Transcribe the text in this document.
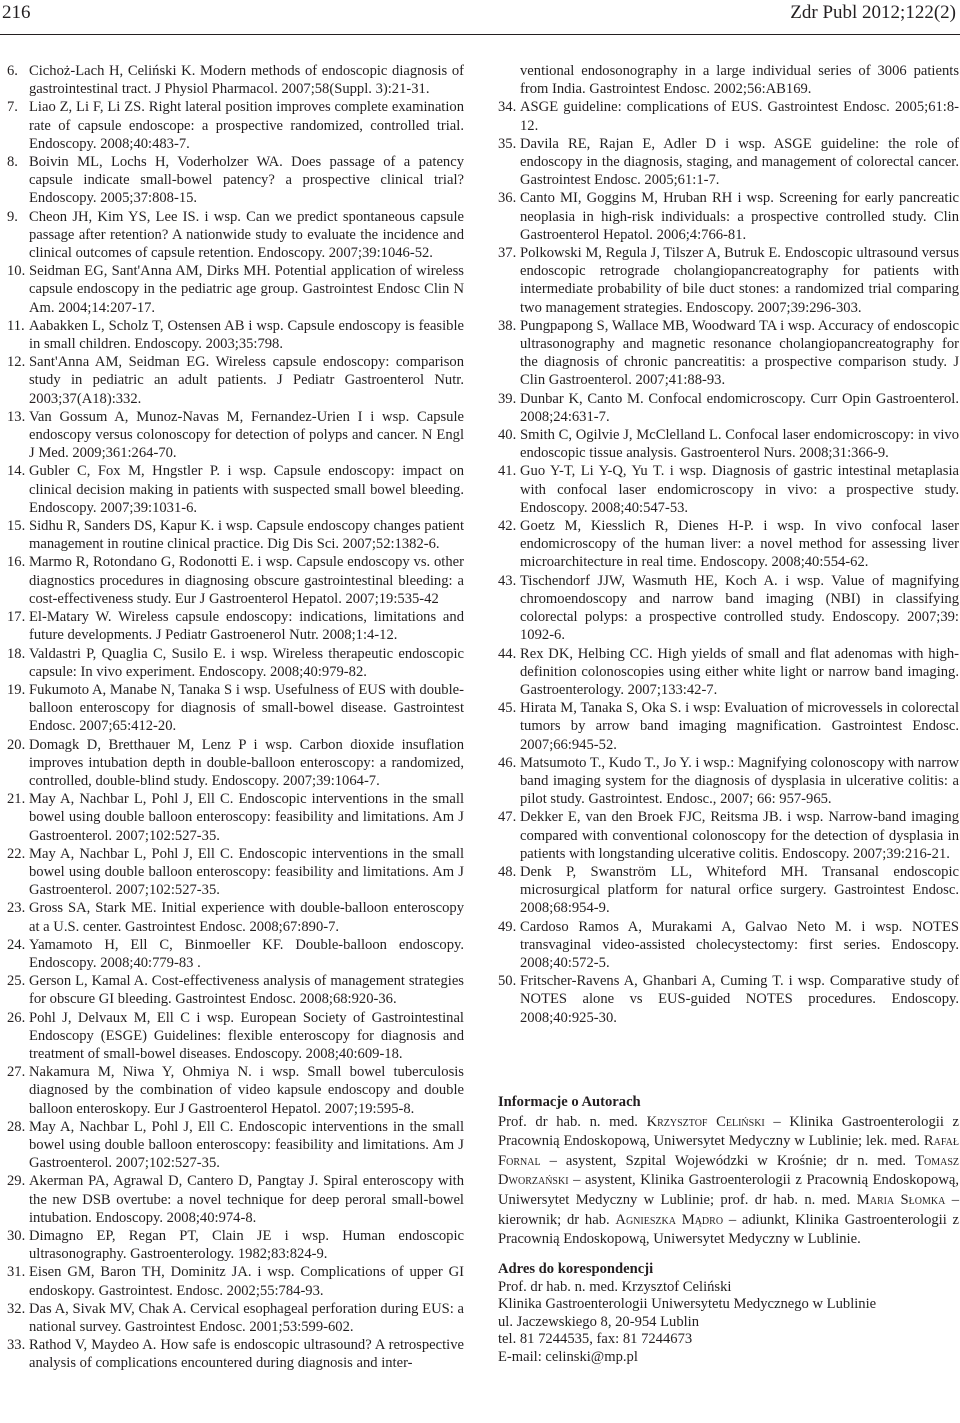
216	Zdr Publ 2012;122(2)
6. Cichoż-Lach H, Celiński K. Modern methods of endoscopic diagnosis of gastrointestinal tract. J Physiol Pharmacol. 2007;58(Suppl. 3):21-31.
7. Liao Z, Li F, Li ZS. Right lateral position improves complete examination rate of capsule endoscope: a prospective randomized, controlled trial. Endoscopy. 2008;40:483-7.
8. Boivin ML, Lochs H, Voderholzer WA. Does passage of a patency capsule indicate small-bowel patency? a prospective clinical trial? Endoscopy. 2005;37:808-15.
9. Cheon JH, Kim YS, Lee IS. i wsp. Can we predict spontaneous capsule passage after retention? A nationwide study to evaluate the incidence and clinical outcomes of capsule retention. Endoscopy. 2007;39:1046-52.
10. Seidman EG, Sant'Anna AM, Dirks MH. Potential application of wireless capsule endoscopy in the pediatric age group. Gastrointest Endosc Clin N Am. 2004;14:207-17.
11. Aabakken L, Scholz T, Ostensen AB i wsp. Capsule endoscopy is feasible in small children. Endoscopy. 2003;35:798.
12. Sant'Anna AM, Seidman EG. Wireless capsule endoscopy: comparison study in pediatric an adult patients. J Pediatr Gastroenterol Nutr. 2003;37(A18):332.
13. Van Gossum A, Munoz-Navas M, Fernandez-Urien I i wsp. Capsule endoscopy versus colonoscopy for detection of polyps and cancer. N Engl J Med. 2009;361:264-70.
14. Gubler C, Fox M, Hngstler P. i wsp. Capsule endoscopy: impact on clinical decision making in patients with suspected small bowel bleeding. Endoscopy. 2007;39:1031-6.
15. Sidhu R, Sanders DS, Kapur K. i wsp. Capsule endoscopy changes patient management in routine clinical practice. Dig Dis Sci. 2007;52:1382-6.
16. Marmo R, Rotondano G, Rodonotti E. i wsp. Capsule endoscopy vs. other diagnostics procedures in diagnosing obscure gastrointestinal bleeding: a cost-effectiveness study. Eur J Gastroenterol Hepatol. 2007;19:535-42
17. El-Matary W. Wireless capsule endoscopy: indications, limitations and future developments. J Pediatr Gastroenerol Nutr. 2008;1:4-12.
18. Valdastri P, Quaglia C, Susilo E. i wsp. Wireless therapeutic endoscopic capsule: In vivo experiment. Endoscopy. 2008;40:979-82.
19. Fukumoto A, Manabe N, Tanaka S i wsp. Usefulness of EUS with double-balloon enteroscopy for diagnosis of small-bowel disease. Gastrointest Endosc. 2007;65:412-20.
20. Domagk D, Bretthauer M, Lenz P i wsp. Carbon dioxide insuflation improves intubation depth in double-balloon enteroscopy: a randomized, controlled, double-blind study. Endoscopy. 2007;39:1064-7.
21. May A, Nachbar L, Pohl J, Ell C. Endoscopic interventions in the small bowel using double balloon enteroscopy: feasibility and limitations. Am J Gastroenterol. 2007;102:527-35.
22. May A, Nachbar L, Pohl J, Ell C. Endoscopic interventions in the small bowel using double balloon enteroscopy: feasibility and limitations. Am J Gastroenterol. 2007;102:527-35.
23. Gross SA, Stark ME. Initial experience with double-balloon enteroscopy at a U.S. center. Gastrointest Endosc. 2008;67:890-7.
24. Yamamoto H, Ell C, Binmoeller KF. Double-balloon endoscopy. Endoscopy. 2008;40:779-83 .
25. Gerson L, Kamal A. Cost-effectiveness analysis of management strategies for obscure GI bleeding. Gastrointest Endosc. 2008;68:920-36.
26. Pohl J, Delvaux M, Ell C i wsp. European Society of Gastrointestinal Endoscopy (ESGE) Guidelines: flexible enteroscopy for diagnosis and treatment of small-bowel diseases. Endoscopy. 2008;40:609-18.
27. Nakamura M, Niwa Y, Ohmiya N. i wsp. Small bowel tuberculosis diagnosed by the combination of video kapsule endoscopy and double balloon enteroskopy. Eur J Gastroenterol Hepatol. 2007;19:595-8.
28. May A, Nachbar L, Pohl J, Ell C. Endoscopic interventions in the small bowel using double balloon enteroscopy: feasibility and limitations. Am J Gastroenterol. 2007;102:527-35.
29. Akerman PA, Agrawal D, Cantero D, Pangtay J. Spiral enteroscopy with the new DSB overtube: a novel technique for deep peroral small-bowel intubation. Endoscopy. 2008;40:974-8.
30. Dimagno EP, Regan PT, Clain JE i wsp. Human endoscopic ultrasonography. Gastroenterology. 1982;83:824-9.
31. Eisen GM, Baron TH, Dominitz JA. i wsp. Complications of upper GI endoskopy. Gastrointest. Endosc. 2002;55:784-93.
32. Das A, Sivak MV, Chak A. Cervical esophageal perforation during EUS: a national survey. Gastrointest Endosc. 2001;53:599-602.
33. Rathod V, Maydeo A. How safe is endoscopic ultrasound? A retrospective analysis of complications encountered during diagnosis and inter-
ventional endosonography in a large individual series of 3006 patients from India. Gastrointest Endosc. 2002;56:AB169.
34. ASGE guideline: complications of EUS. Gastrointest Endosc. 2005;61:8-12.
35. Davila RE, Rajan E, Adler D i wsp. ASGE guideline: the role of endoscopy in the diagnosis, staging, and management of colorectal cancer. Gastrointest Endosc. 2005;61:1-7.
36. Canto MI, Goggins M, Hruban RH i wsp. Screening for early pancreatic neoplasia in high-risk individuals: a prospective controlled study. Clin Gastroenterol Hepatol. 2006;4:766-81.
37. Polkowski M, Regula J, Tilszer A, Butruk E. Endoscopic ultrasound versus endoscopic retrograde cholangiopancreatography for patients with intermediate probability of bile duct stones: a randomized trial comparing two management strategies. Endoscopy. 2007;39:296-303.
38. Pungpapong S, Wallace MB, Woodward TA i wsp. Accuracy of endoscopic ultrasonography and magnetic resonance cholangiopancreatography for the diagnosis of chronic pancreatitis: a prospective comparison study. J Clin Gastroenterol. 2007;41:88-93.
39. Dunbar K, Canto M. Confocal endomicroscopy. Curr Opin Gastroenterol. 2008;24:631-7.
40. Smith C, Ogilvie J, McClelland L. Confocal laser endomicroscopy: in vivo endoscopic tissue analysis. Gastroenterol Nurs. 2008;31:366-9.
41. Guo Y-T, Li Y-Q, Yu T. i wsp. Diagnosis of gastric intestinal metaplasia with confocal laser endomicroscopy in vivo: a prospective study. Endoscopy. 2008;40:547-53.
42. Goetz M, Kiesslich R, Dienes H-P. i wsp. In vivo confocal laser endomicroscopy of the human liver: a novel method for assessing liver microarchitecture in real time. Endoscopy. 2008;40:554-62.
43. Tischendorf JJW, Wasmuth HE, Koch A. i wsp. Value of magnifying chromoendoscopy and narrow band imaging (NBI) in classifying colorectal polyps: a prospective controlled study. Endoscopy. 2007;39: 1092-6.
44. Rex DK, Helbing CC. High yields of small and flat adenomas with high-definition colonoscopies using either white light or narrow band imaging. Gastroenterology. 2007;133:42-7.
45. Hirata M, Tanaka S, Oka S. i wsp: Evaluation of microvessels in colorectal tumors by arrow band imaging magnification. Gastrointest Endosc. 2007;66:945-52.
46. Matsumoto T., Kudo T., Jo Y. i wsp.: Magnifying colonoscopy with narrow band imaging system for the diagnosis of dysplasia in ulcerative colitis: a pilot study. Gastrointest. Endosc., 2007; 66: 957-965.
47. Dekker E, van den Broek FJC, Reitsma JB. i wsp. Narrow-band imaging compared with conventional colonoscopy for the detection of dysplasia in patients with longstanding ulcerative colitis. Endoscopy. 2007;39:216-21.
48. Denk P, Swanström LL, Whiteford MH. Transanal endoscopic microsurgical platform for natural orfice surgery. Gastrointest Endosc. 2008;68:954-9.
49. Cardoso Ramos A, Murakami A, Galvao Neto M. i wsp. NOTES transvaginal video-assisted cholecystectomy: first series. Endoscopy. 2008;40:572-5.
50. Fritscher-Ravens A, Ghanbari A, Cuming T. i wsp. Comparative study of NOTES alone vs EUS-guided NOTES procedures. Endoscopy. 2008;40:925-30.
Informacje o Autorach
Prof. dr hab. n. med. Krzysztof Celiński – Klinika Gastroenterologii z Pracownią Endoskopową, Uniwersytet Medyczny w Lublinie; lek. med. Rafał Fornal – asystent, Szpital Wojewódzki w Krośnie; dr n. med. Tomasz Dworzański – asystent, Klinika Gastroenterologii z Pracownią Endoskopową, Uniwersytet Medyczny w Lublinie; prof. dr hab. n. med. Maria Słomka – kierownik; dr hab. Agnieszka Mądro – adiunkt, Klinika Gastroenterologii z Pracownią Endoskopową, Uniwersytet Medyczny w Lublinie.
Adres do korespondencji
Prof. dr hab. n. med. Krzysztof Celiński
Klinika Gastroenterologii Uniwersytetu Medycznego w Lublinie
ul. Jaczewskiego 8, 20-954 Lublin
tel. 81 7244535, fax: 81 7244673
E-mail: celinski@mp.pl
